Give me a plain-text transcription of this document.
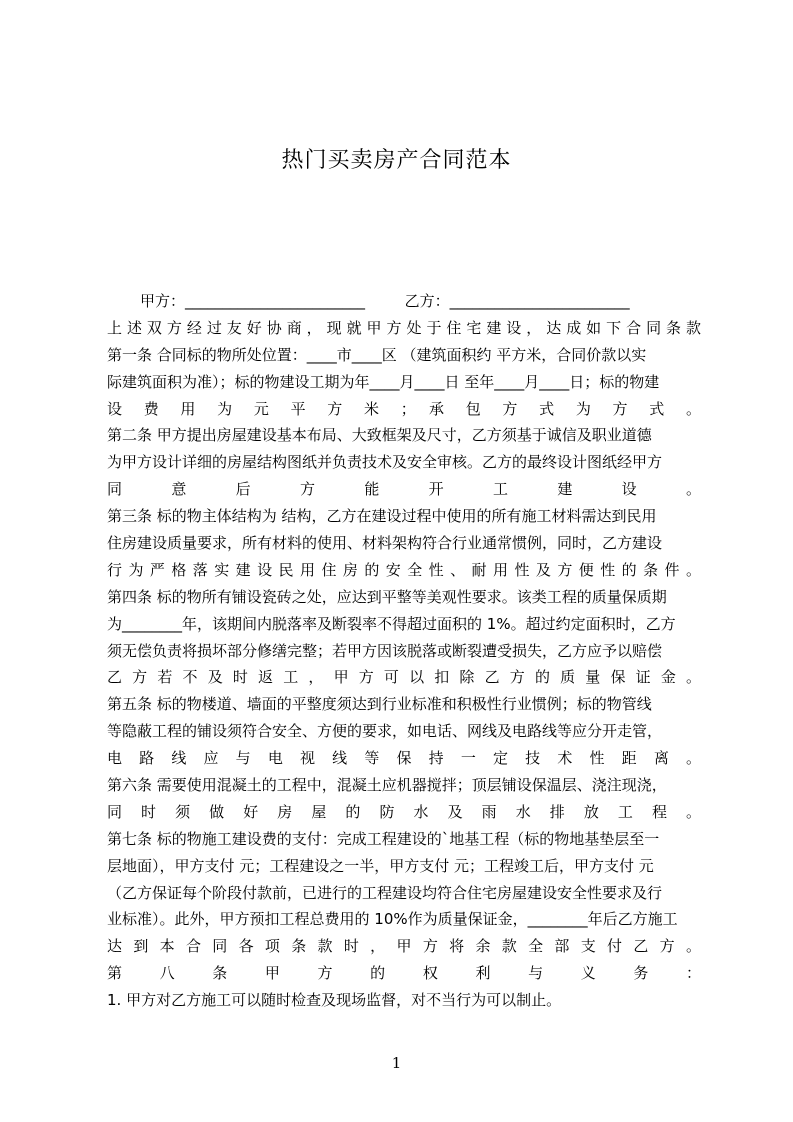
热门买卖房产合同范本
甲方：________________________	乙方：________________________
上 述 双 方 经 过 友 好 协 商 ， 现 就 甲 方 处 于 住 宅 建 设 ， 达 成 如 下 合 同 条 款
第一条 合同标的物所处位置：____市____区 （建筑面积约 平方米，合同价款以实
际建筑面积为准）；标的物建设工期为年____月____日 至年____月____日；标的物建
设 费 用 为 元 平 方 米 ； 承 包 方 式 为 方 式 。
第二条 甲方提出房屋建设基本布局、大致框架及尺寸，乙方须基于诚信及职业道德
为甲方设计详细的房屋结构图纸并负责技术及安全审核。乙方的最终设计图纸经甲方
同 意 后 方 能 开 工 建 设 。
第三条 标的物主体结构为 结构，乙方在建设过程中使用的所有施工材料需达到民用
住房建设质量要求，所有材料的使用、材料架构符合行业通常惯例，同时，乙方建设
行 为 严 格 落 实 建 设 民 用 住 房 的 安 全 性 、 耐 用 性 及 方 便 性 的 条 件 。
第四条 标的物所有铺设瓷砖之处，应达到平整等美观性要求。该类工程的质量保质期
为________年，该期间内脱落率及断裂率不得超过面积的 1%。超过约定面积时，乙方
须无偿负责将损坏部分修缮完整；若甲方因该脱落或断裂遭受损失，乙方应予以赔偿
乙 方 若 不 及 时 返 工 ， 甲 方 可 以 扣 除 乙 方 的 质 量 保 证 金 。
第五条 标的物楼道、墙面的平整度须达到行业标准和积极性行业惯例；标的物管线
等隐蔽工程的铺设须符合安全、方便的要求，如电话、网线及电路线等应分开走管，
电 路 线 应 与 电 视 线 等 保 持 一 定 技 术 性 距 离 。
第六条 需要使用混凝土的工程中，混凝土应机器搅拌；顶层铺设保温层、浇注现浇，
同 时 须 做 好 房 屋 的 防 水 及 雨 水 排 放 工 程 。
第七条 标的物施工建设费的支付：完成工程建设的`地基工程（标的物地基垫层至一
层地面），甲方支付 元；工程建设之一半，甲方支付 元；工程竣工后，甲方支付 元
（乙方保证每个阶段付款前，已进行的工程建设均符合住宅房屋建设安全性要求及行
业标准）。此外，甲方预扣工程总费用的 10%作为质量保证金，________年后乙方施工
达 到 本 合 同 各 项 条 款 时 ， 甲 方 将 余 款 全 部 支 付 乙 方 。
第 八 条 甲 方 的 权 利 与 义 务 ：
1. 甲方对乙方施工可以随时检查及现场监督，对不当行为可以制止。
1
